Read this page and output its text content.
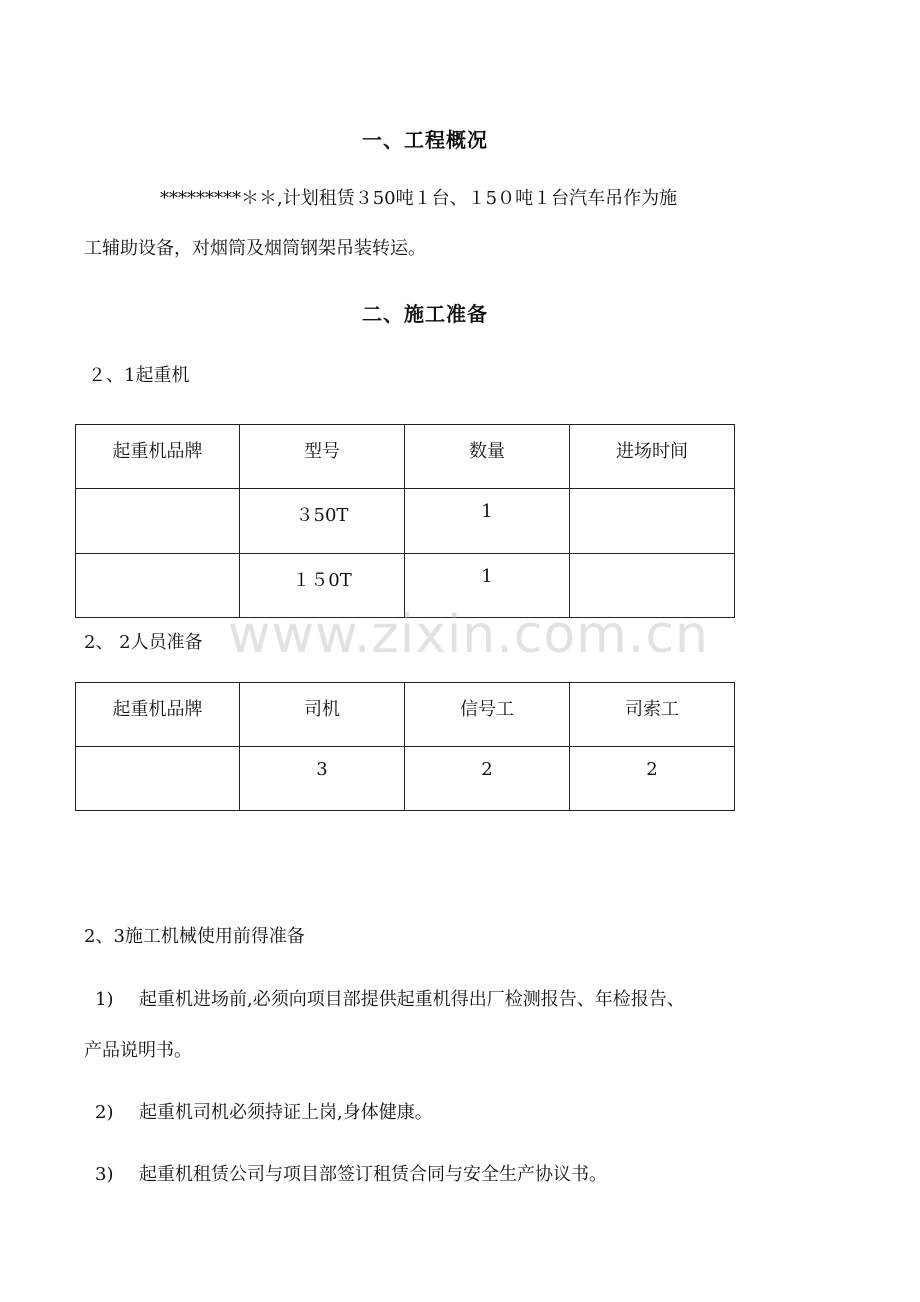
一、工程概况
*********＊＊,计划租赁３50吨１台、１5０吨１台汽车吊作为施
工辅助设备，对烟筒及烟筒钢架吊装转运。
二、施工准备
２、1起重机
起重机品牌	型号	数量	进场时间
	３50T	1	
	１５0T	1	
2、 2人员准备
起重机品牌	司机	信号工	司索工
	3	2	2
2、3施工机械使用前得准备
1) 起重机进场前,必须向项目部提供起重机得出厂检测报告、年检报告、
产品说明书。
2) 起重机司机必须持证上岗,身体健康。
3) 起重机租赁公司与项目部签订租赁合同与安全生产协议书。
www.zixin.com.cn
